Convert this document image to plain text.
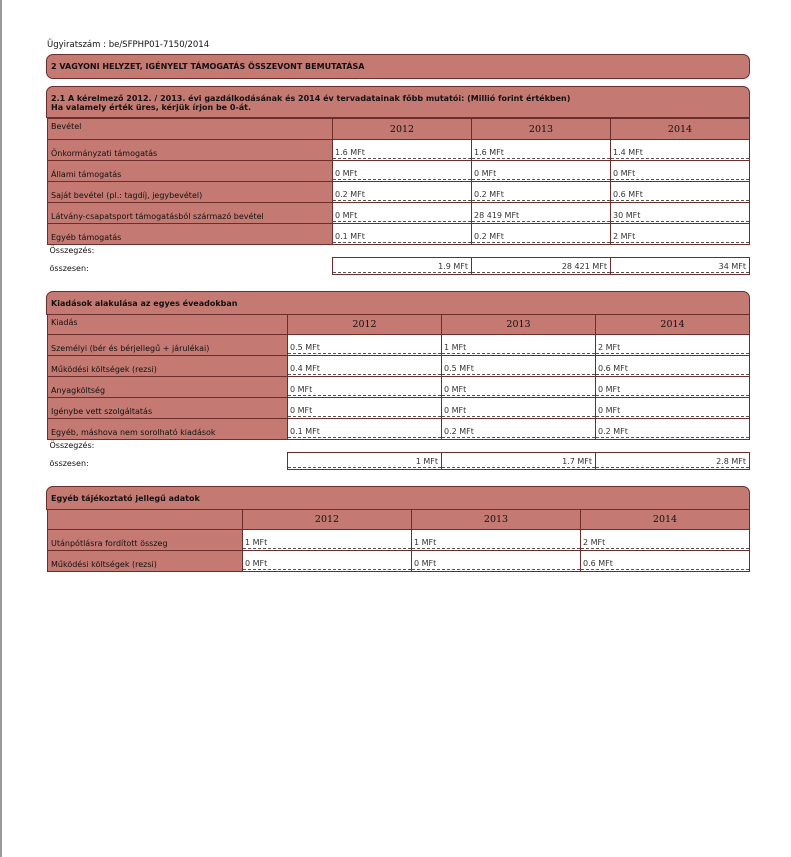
Ügyiratszám : be/SFPHP01-7150/2014
2 VAGYONI HELYZET, IGÉNYELT TÁMOGATÁS ÖSSZEVONT BEMUTATÁSA
2.1 A kérelmező 2012. / 2013. évi gazdálkodásának és 2014 év tervadatainak főbb mutatói: (Millió forint értékben)
Ha valamely érték üres, kérjük írjon be 0-át.
Bevétel	2012	2013	2014
Önkormányzati támogatás	1.6 MFt	1.6 MFt	1.4 MFt

Állami támogatás	0 MFt	0 MFt	0 MFt

Saját bevétel (pl.: tagdíj, jegybevétel)	0.2 MFt	0.2 MFt	0.6 MFt

Látvány-csapatsport támogatásból származó bevétel	0 MFt	28 419 MFt	30 MFt

Egyéb támogatás	0.1 MFt	0.2 MFt	2 MFt

Összegzés:			
összesen:	1.9 MFt	28 421 MFt	34 MFt
Kiadások alakulása az egyes éveadokban
Kiadás	2012	2013	2014
Személyi (bér és bérjellegű + járulékai)	0.5 MFt	1 MFt	2 MFt

Működési költségek (rezsi)	0.4 MFt	0.5 MFt	0.6 MFt

Anyagköltség	0 MFt	0 MFt	0 MFt

Igénybe vett szolgáltatás	0 MFt	0 MFt	0 MFt

Egyéb, máshova nem sorolható kiadások	0.1 MFt	0.2 MFt	0.2 MFt

Összegzés:			
összesen:	1 MFt	1.7 MFt	2.8 MFt
Egyéb tájékoztató jellegű adatok
	2012	2013	2014
Utánpótlásra fordított összeg	1 MFt	1 MFt	2 MFt

Működési költségek (rezsi)	0 MFt	0 MFt	0.6 MFt
